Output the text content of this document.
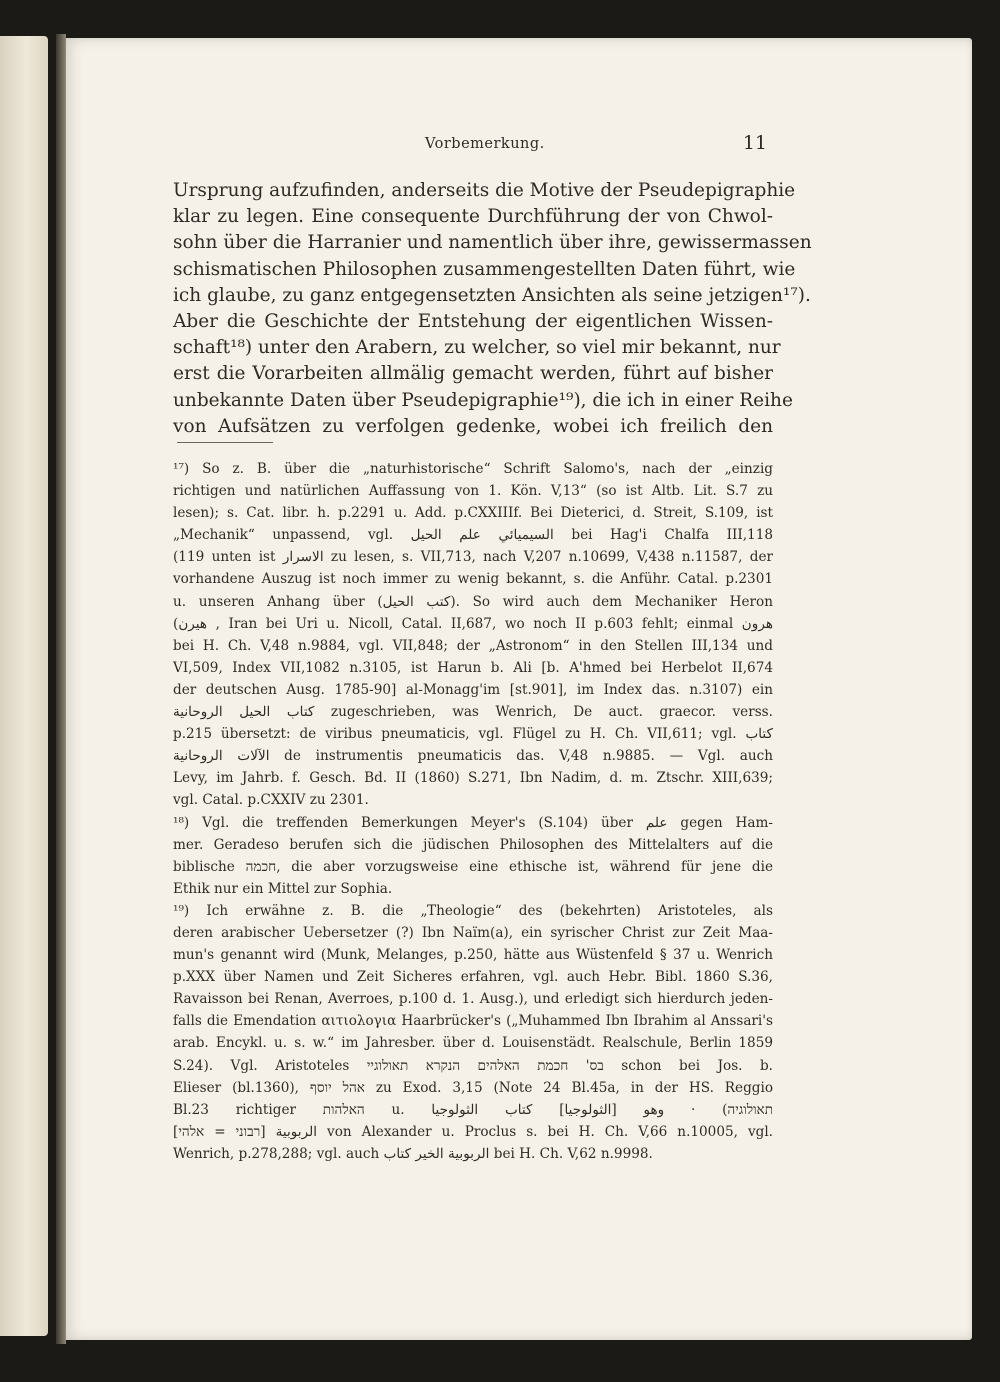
Vorbemerkung.	11
Ursprung aufzufinden, anderseits die Motive der Pseudepigraphie
klar zu legen. Eine consequente Durchführung der von Chwol-
sohn über die Harranier und namentlich über ihre, gewissermassen
schismatischen Philosophen zusammengestellten Daten führt, wie
ich glaube, zu ganz entgegensetzten Ansichten als seine jetzigen¹⁷).
Aber die Geschichte der Entstehung der eigentlichen Wissen-
schaft¹⁸) unter den Arabern, zu welcher, so viel mir bekannt, nur
erst die Vorarbeiten allmälig gemacht werden, führt auf bisher
unbekannte Daten über Pseudepigraphie¹⁹), die ich in einer Reihe
von Aufsätzen zu verfolgen gedenke, wobei ich freilich den
¹⁷) So z. B. über die „naturhistorische“ Schrift Salomo's, nach der „einzig
richtigen und natürlichen Auffassung von 1. Kön. V,13“ (so ist Altb. Lit. S.7 zu
lesen); s. Cat. libr. h. p.2291 u. Add. p.CXXIIIf. Bei Dieterici, d. Streit, S.109, ist
„Mechanik“ unpassend, vgl. السيميائي علم الحيل bei Hag'i Chalfa III,118
(119 unten ist الاسرار zu lesen, s. VII,713, nach V,207 n.10699, V,438 n.11587, der
vorhandene Auszug ist noch immer zu wenig bekannt, s. die Anführ. Catal. p.2301
u. unseren Anhang über (كتب الحيل). So wird auch dem Mechaniker Heron
(هيرن , Iran bei Uri u. Nicoll, Catal. II,687, wo noch II p.603 fehlt; einmal هرون
bei H. Ch. V,48 n.9884, vgl. VII,848; der „Astronom“ in den Stellen III,134 und
VI,509, Index VII,1082 n.3105, ist Harun b. Ali [b. A'hmed bei Herbelot II,674
der deutschen Ausg. 1785-90] al-Monagg'im [st.901], im Index das. n.3107) ein
كتاب الحيل الروحانية zugeschrieben, was Wenrich, De auct. graecor. verss.
p.215 übersetzt: de viribus pneumaticis, vgl. Flügel zu H. Ch. VII,611; vgl. كتاب
الآلات الروحانية de instrumentis pneumaticis das. V,48 n.9885. — Vgl. auch
Levy, im Jahrb. f. Gesch. Bd. II (1860) S.271, Ibn Nadim, d. m. Ztschr. XIII,639;
vgl. Catal. p.CXXIV zu 2301.
¹⁸) Vgl. die treffenden Bemerkungen Meyer's (S.104) über علم gegen Ham-
mer. Geradeso berufen sich die jüdischen Philosophen des Mittelalters auf die
biblische חכמה, die aber vorzugsweise eine ethische ist, während für jene die
Ethik nur ein Mittel zur Sophia.
¹⁹) Ich erwähne z. B. die „Theologie“ des (bekehrten) Aristoteles, als
deren arabischer Uebersetzer (?) Ibn Naïm(a), ein syrischer Christ zur Zeit Maa-
mun's genannt wird (Munk, Melanges, p.250, hätte aus Wüstenfeld § 37 u. Wenrich
p.XXX über Namen und Zeit Sicheres erfahren, vgl. auch Hebr. Bibl. 1860 S.36,
Ravaisson bei Renan, Averroes, p.100 d. 1. Ausg.), und erledigt sich hierdurch jeden-
falls die Emendation αιτιολογια Haarbrücker's („Muhammed Ibn Ibrahim al Anssari's
arab. Encykl. u. s. w.“ im Jahresber. über d. Louisenstädt. Realschule, Berlin 1859
S.24). Vgl. Aristoteles בס' חכמת האלהים הנקרא תאולוגיי schon bei Jos. b.
Elieser (bl.1360), אהל יוסף zu Exod. 3,15 (Note 24 Bl.45a, in der HS. Reggio
Bl.23 richtiger האלהות u. תאולוגיה) · وهو [الثولوجيا] كتاب الثولوجيا
[רבוני = אלהי] الربوبية von Alexander u. Proclus s. bei H. Ch. V,66 n.10005, vgl.
Wenrich, p.278,288; vgl. auch الربوبية الخير كتاب bei H. Ch. V,62 n.9998.
